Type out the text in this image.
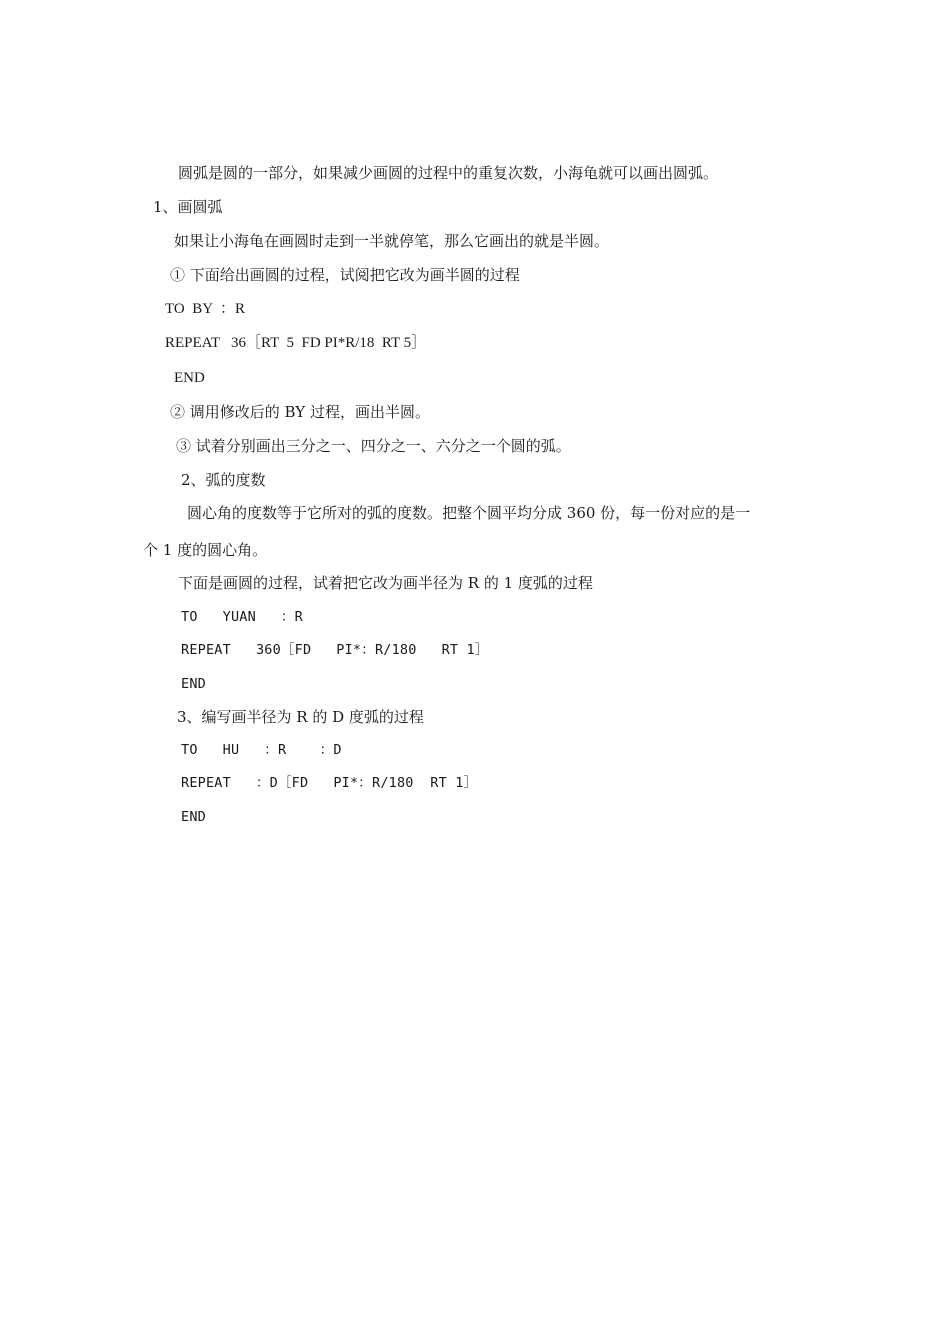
圆弧是圆的一部分，如果减少画圆的过程中的重复次数，小海龟就可以画出圆弧。
1、画圆弧
如果让小海龟在画圆时走到一半就停笔，那么它画出的就是半圆。
① 下面给出画圆的过程，试阅把它改为画半圆的过程
TO  BY  ：R
REPEAT   36［RT  5  FD PI*R/18  RT 5］
END
② 调用修改后的 BY 过程，画出半圆。
③ 试着分别画出三分之一、四分之一、六分之一个圆的弧。
2、弧的度数
圆心角的度数等于它所对的弧的度数。把整个圆平均分成 360 份，每一份对应的是一
个 1 度的圆心角。
下面是画圆的过程，试着把它改为画半径为 R 的 1 度弧的过程
TO   YUAN   ：R
REPEAT   360［FD   PI*：R/180   RT 1］
END
3、编写画半径为 R 的 D 度弧的过程
TO   HU   ：R    ：D
REPEAT   ：D［FD   PI*：R/180  RT 1］
END
